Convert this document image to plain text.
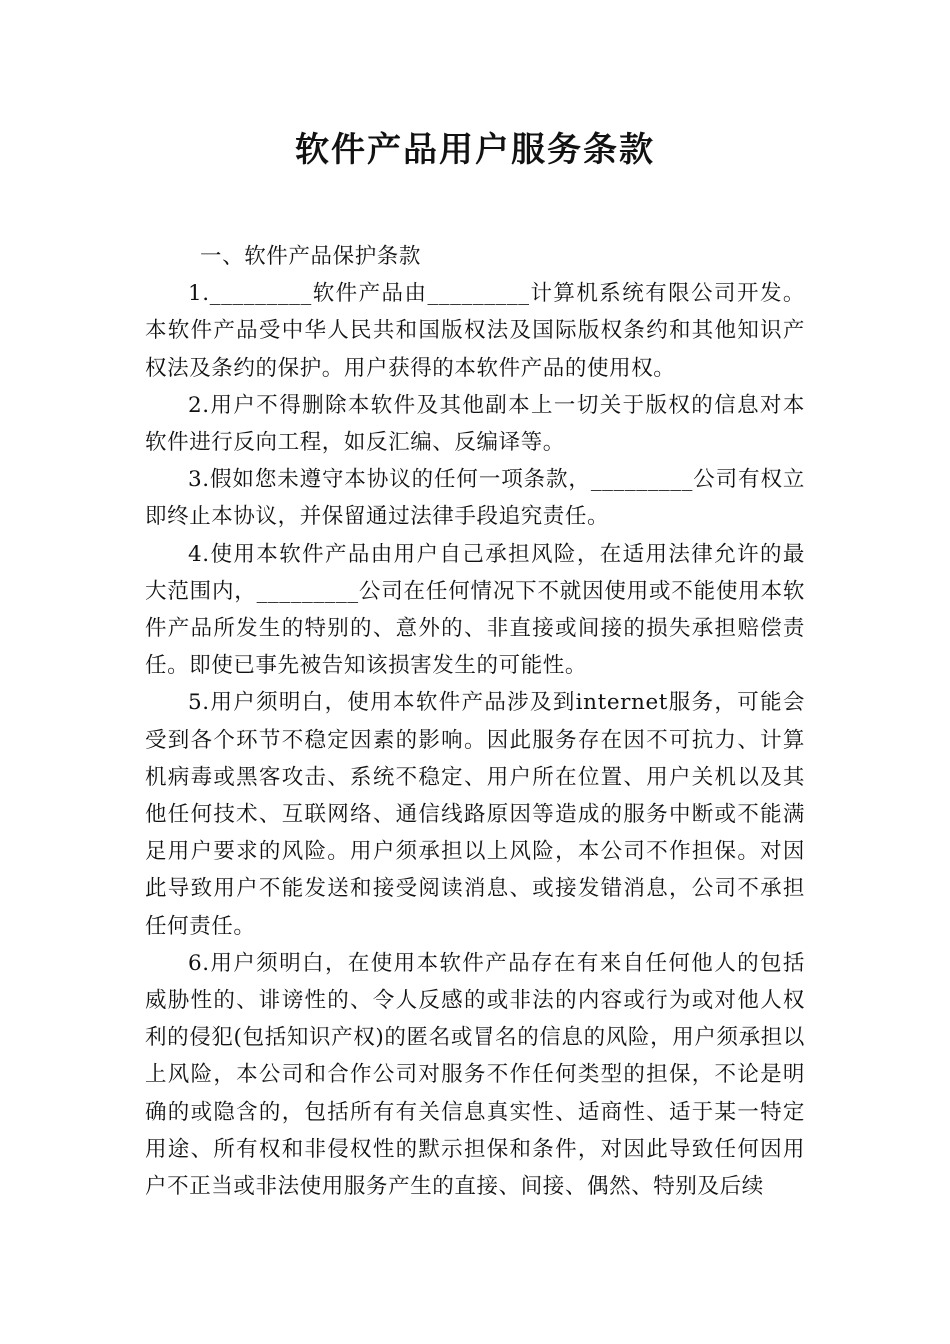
软件产品用户服务条款
一、软件产品保护条款

1._________软件产品由_________计算机系统有限公司开发。本软件产品受中华人民共和国版权法及国际版权条约和其他知识产权法及条约的保护。用户获得的本软件产品的使用权。

2.用户不得删除本软件及其他副本上一切关于版权的信息对本软件进行反向工程，如反汇编、反编译等。

3.假如您未遵守本协议的任何一项条款，_________公司有权立即终止本协议，并保留通过法律手段追究责任。

4.使用本软件产品由用户自己承担风险，在适用法律允许的最大范围内，_________公司在任何情况下不就因使用或不能使用本软件产品所发生的特别的、意外的、非直接或间接的损失承担赔偿责任。即使已事先被告知该损害发生的可能性。

5.用户须明白，使用本软件产品涉及到internet服务，可能会受到各个环节不稳定因素的影响。因此服务存在因不可抗力、计算机病毒或黑客攻击、系统不稳定、用户所在位置、用户关机以及其他任何技术、互联网络、通信线路原因等造成的服务中断或不能满足用户要求的风险。用户须承担以上风险，本公司不作担保。对因此导致用户不能发送和接受阅读消息、或接发错消息，公司不承担任何责任。

6.用户须明白，在使用本软件产品存在有来自任何他人的包括威胁性的、诽谤性的、令人反感的或非法的内容或行为或对他人权利的侵犯(包括知识产权)的匿名或冒名的信息的风险，用户须承担以上风险，本公司和合作公司对服务不作任何类型的担保，不论是明确的或隐含的，包括所有有关信息真实性、适商性、适于某一特定用途、所有权和非侵权性的默示担保和条件，对因此导致任何因用户不正当或非法使用服务产生的直接、间接、偶然、特别及后续
